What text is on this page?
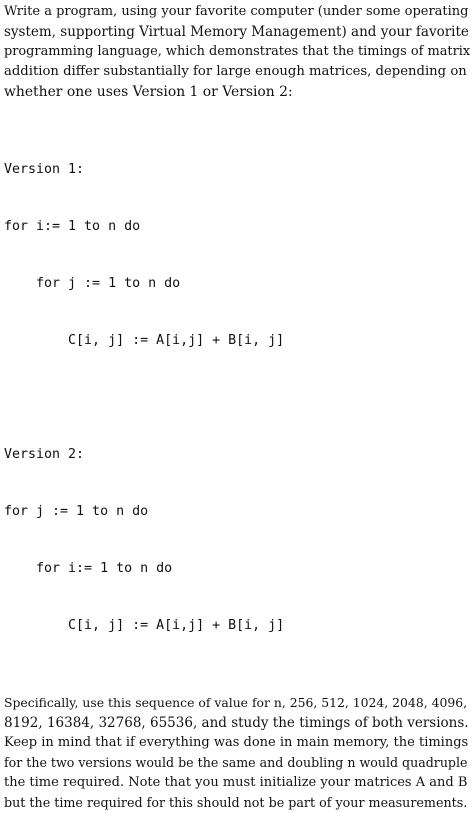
Write a program, using your favorite computer (under some operating
system, supporting Virtual Memory Management) and your favorite
programming language, which demonstrates that the timings of matrix
addition differ substantially for large enough matrices, depending on
whether one uses Version 1 or Version 2:

Version 1:

for i:= 1 to n do

for j := 1 to n do

C[i, j] := A[i,j] + B[i, j]

Version 2:

for j := 1 to n do

for i:= 1 to n do

C[i, j] := A[i,j] + B[i, j]

Specifically, use this sequence of value for n, 256, 512, 1024, 2048, 4096,
8192, 16384, 32768, 65536, and study the timings of both versions.
Keep in mind that if everything was done in main memory, the timings
for the two versions would be the same and doubling n would quadruple
the time required. Note that you must initialize your matrices A and B
but the time required for this should not be part of your measurements.
